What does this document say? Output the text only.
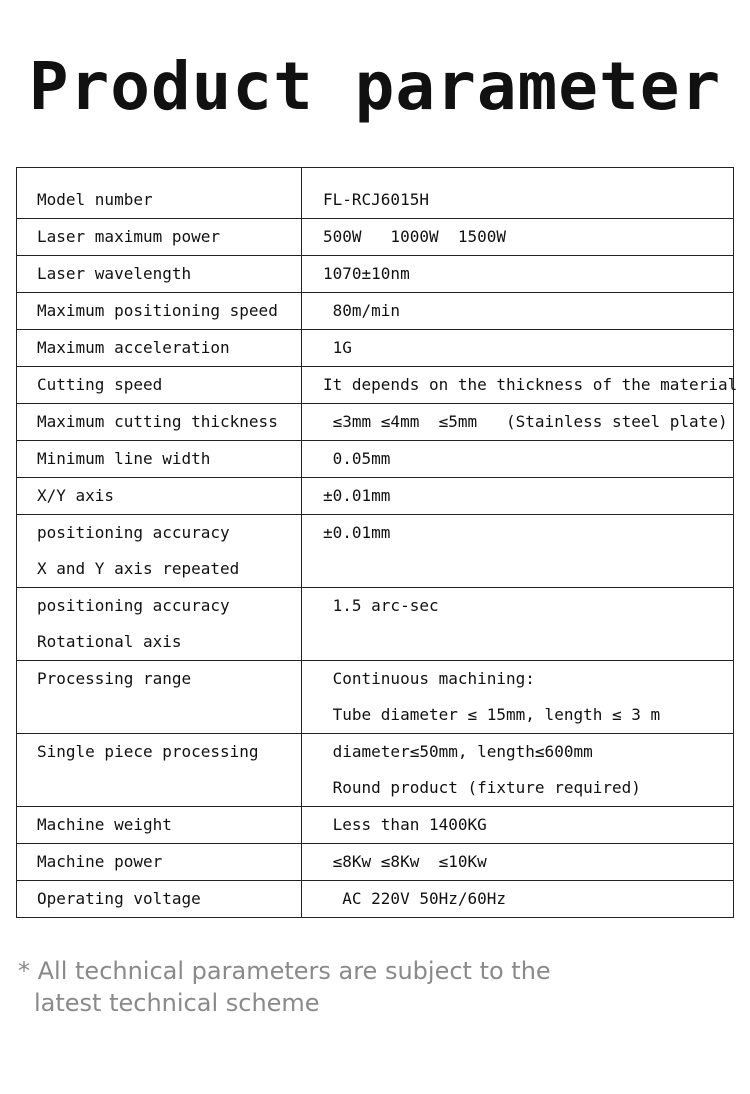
Product parameter
Model number	FL-RCJ6015H

Laser maximum power	500W   1000W  1500W

Laser wavelength	1070±10nm

Maximum positioning speed	80m/min

Maximum acceleration	1G

Cutting speed	It depends on the thickness of the material

Maximum cutting thickness	≤3mm ≤4mm  ≤5mm   (Stainless steel plate)

Minimum line width	0.05mm

X/Y axis	±0.01mm

positioning accuracy
X and Y axis repeated	±0.01mm

positioning accuracy
Rotational axis	1.5 arc-sec

Processing range	Continuous machining:
Tube diameter ≤ 15mm, length ≤ 3 m

Single piece processing	diameter≤50mm, length≤600mm
Round product (fixture required)

Machine weight	Less than 1400KG

Machine power	≤8Kw ≤8Kw  ≤10Kw

Operating voltage	AC 220V 50Hz/60Hz
* All technical parameters are subject to the
latest technical scheme
